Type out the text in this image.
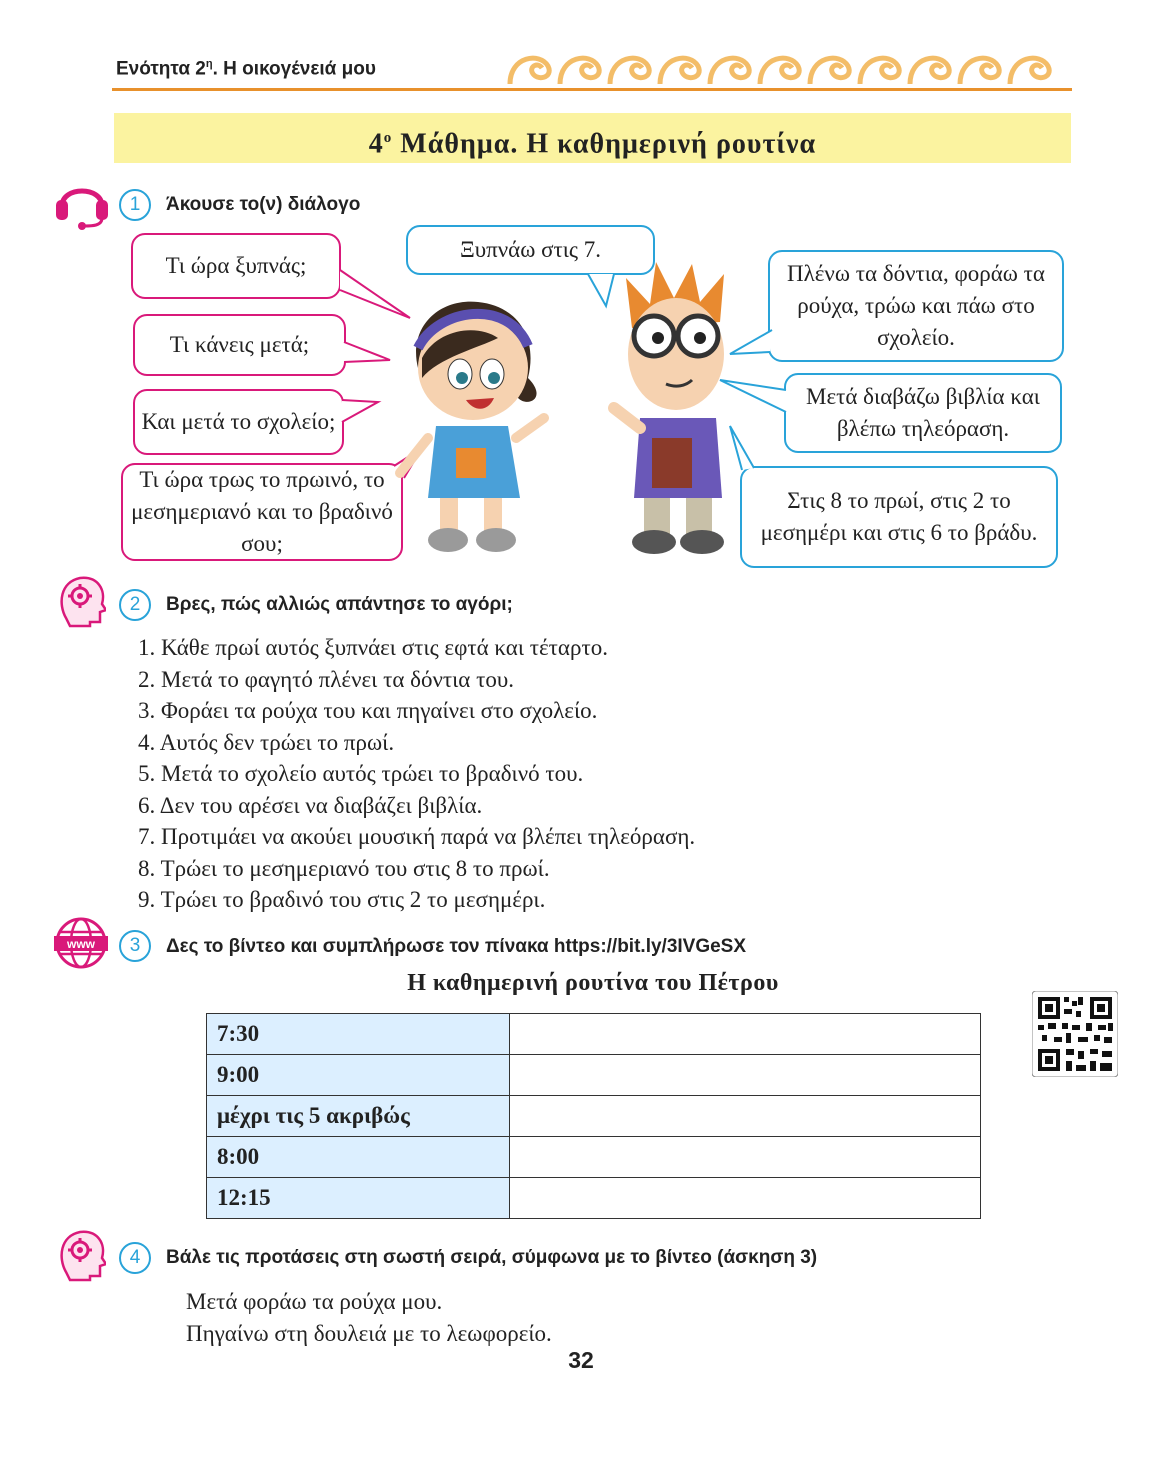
Ενότητα $2^\eta$. Η οικογένειά μου
$4^o$ Μάθημα. Η καθημερινή ρουτίνα
1	Άκουσε το(ν) διάλογο
Τι ώρα ξυπνάς;
Τι κάνεις μετά;
Και μετά το σχολείο;
Τι ώρα τρως το πρωινό, το μεσημεριανό και το βραδινό σου;
Ξυπνάω στις 7.
Πλένω τα δόντια, φοράω τα ρούχα, τρώω και πάω στο σχολείο.
Μετά διαβάζω βιβλία και βλέπω τηλεόραση.
Στις 8 το πρωί, στις 2 το μεσημέρι και στις 6 το βράδυ.
2	Βρες, πώς αλλιώς απάντησε το αγόρι;
1. Κάθε πρωί αυτός ξυπνάει στις εφτά και τέταρτο.
2. Μετά το φαγητό πλένει τα δόντια του.
3. Φοράει τα ρούχα του και πηγαίνει στο σχολείο.
4. Αυτός δεν τρώει το πρωί.
5. Μετά το σχολείο αυτός τρώει το βραδινό του.
6. Δεν του αρέσει να διαβάζει βιβλία.
7. Προτιμάει να ακούει μουσική παρά να βλέπει τηλεόραση.
8. Τρώει το μεσημεριανό του στις 8 το πρωί.
9. Τρώει το βραδινό του στις 2 το μεσημέρι.
www	3	Δες το βίντεο και συμπλήρωσε τον πίνακα https://bit.ly/3IVGeSX
Η καθημερινή ρουτίνα του Πέτρου
7:30	
9:00	
μέχρι τις 5 ακριβώς	
8:00	
12:15	
4	Βάλε τις προτάσεις στη σωστή σειρά, σύμφωνα με το βίντεο (άσκηση 3)
Μετά φοράω τα ρούχα μου.
Πηγαίνω στη δουλειά με το λεωφορείο.
32
